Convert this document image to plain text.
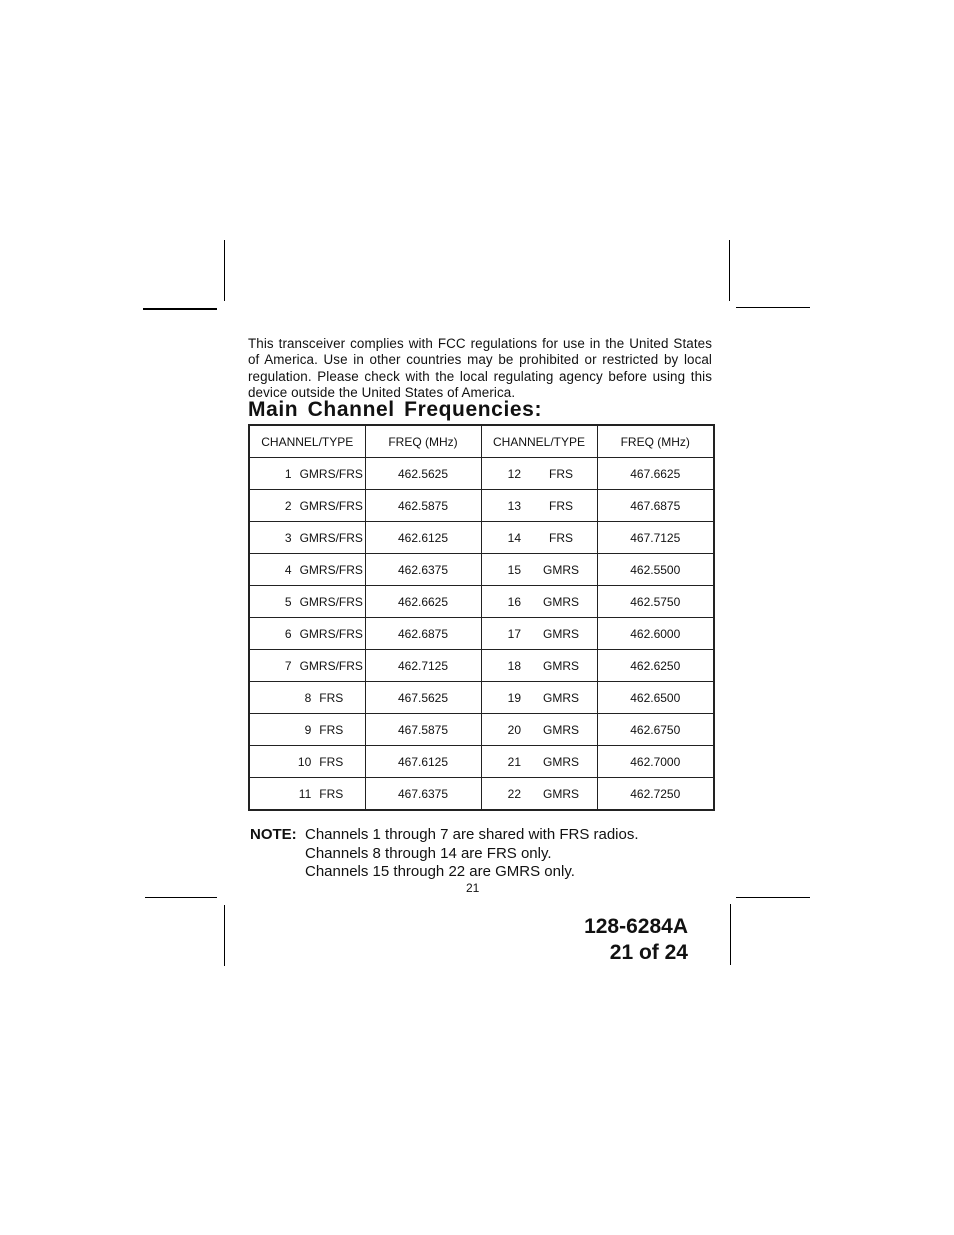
This transceiver complies with FCC regulations for use in the United States of America. Use in other countries may be prohibited or restricted by local regulation. Please check with the local regulating agency before using this device outside the United States of America.

Main Channel Frequencies:
CHANNEL/TYPE	FREQ (MHz)	CHANNEL/TYPE	FREQ (MHz)
1 GMRS/FRS	462.5625	12 FRS	467.6625
2 GMRS/FRS	462.5875	13 FRS	467.6875
3 GMRS/FRS	462.6125	14 FRS	467.7125
4 GMRS/FRS	462.6375	15 GMRS	462.5500
5 GMRS/FRS	462.6625	16 GMRS	462.5750
6 GMRS/FRS	462.6875	17 GMRS	462.6000
7 GMRS/FRS	462.7125	18 GMRS	462.6250
8 FRS	467.5625	19 GMRS	462.6500
9 FRS	467.5875	20 GMRS	462.6750
10 FRS	467.6125	21 GMRS	462.7000
11 FRS	467.6375	22 GMRS	462.7250
NOTE: Channels 1 through 7 are shared with FRS radios.
Channels 8 through 14 are FRS only.
Channels 15 through 22 are GMRS only.
21
128-6284A
21 of 24
